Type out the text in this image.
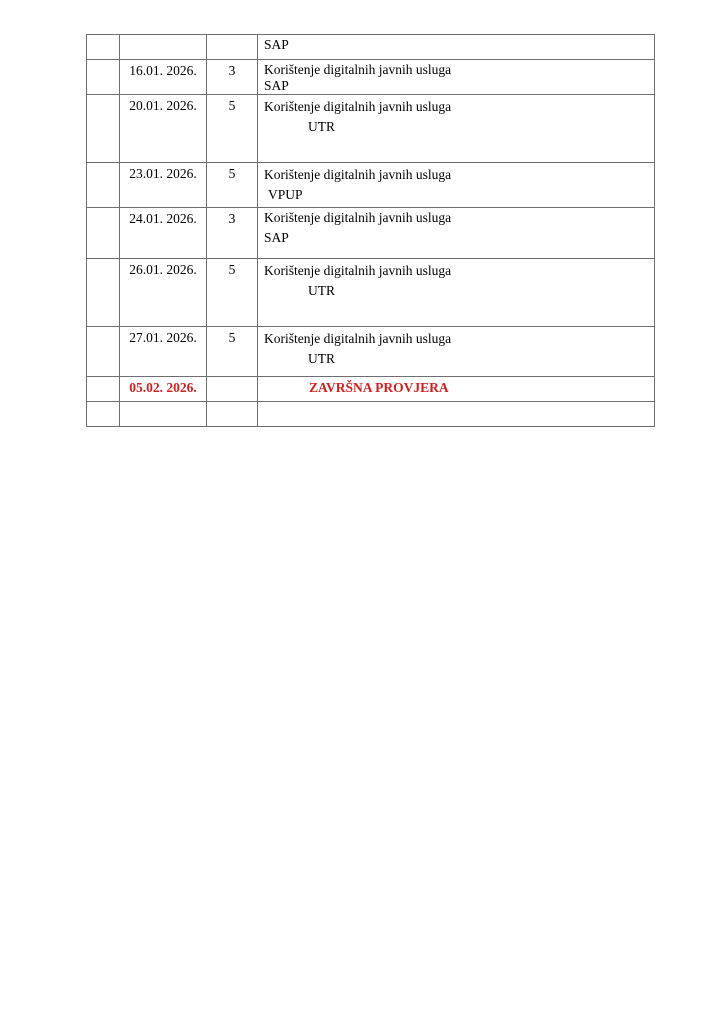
			SAP

	16.01. 2026.	3	Korištenje digitalnih javnih usluga
SAP

	20.01. 2026.	5	Korištenje digitalnih javnih usluga
UTR

	23.01. 2026.	5	Korištenje digitalnih javnih usluga
VPUP

	24.01. 2026.	3	Korištenje digitalnih javnih usluga
SAP

	26.01. 2026.	5	Korištenje digitalnih javnih usluga
UTR

	27.01. 2026.	5	Korištenje digitalnih javnih usluga
UTR

	05.02. 2026.		ZAVRŠNA PROVJERA
